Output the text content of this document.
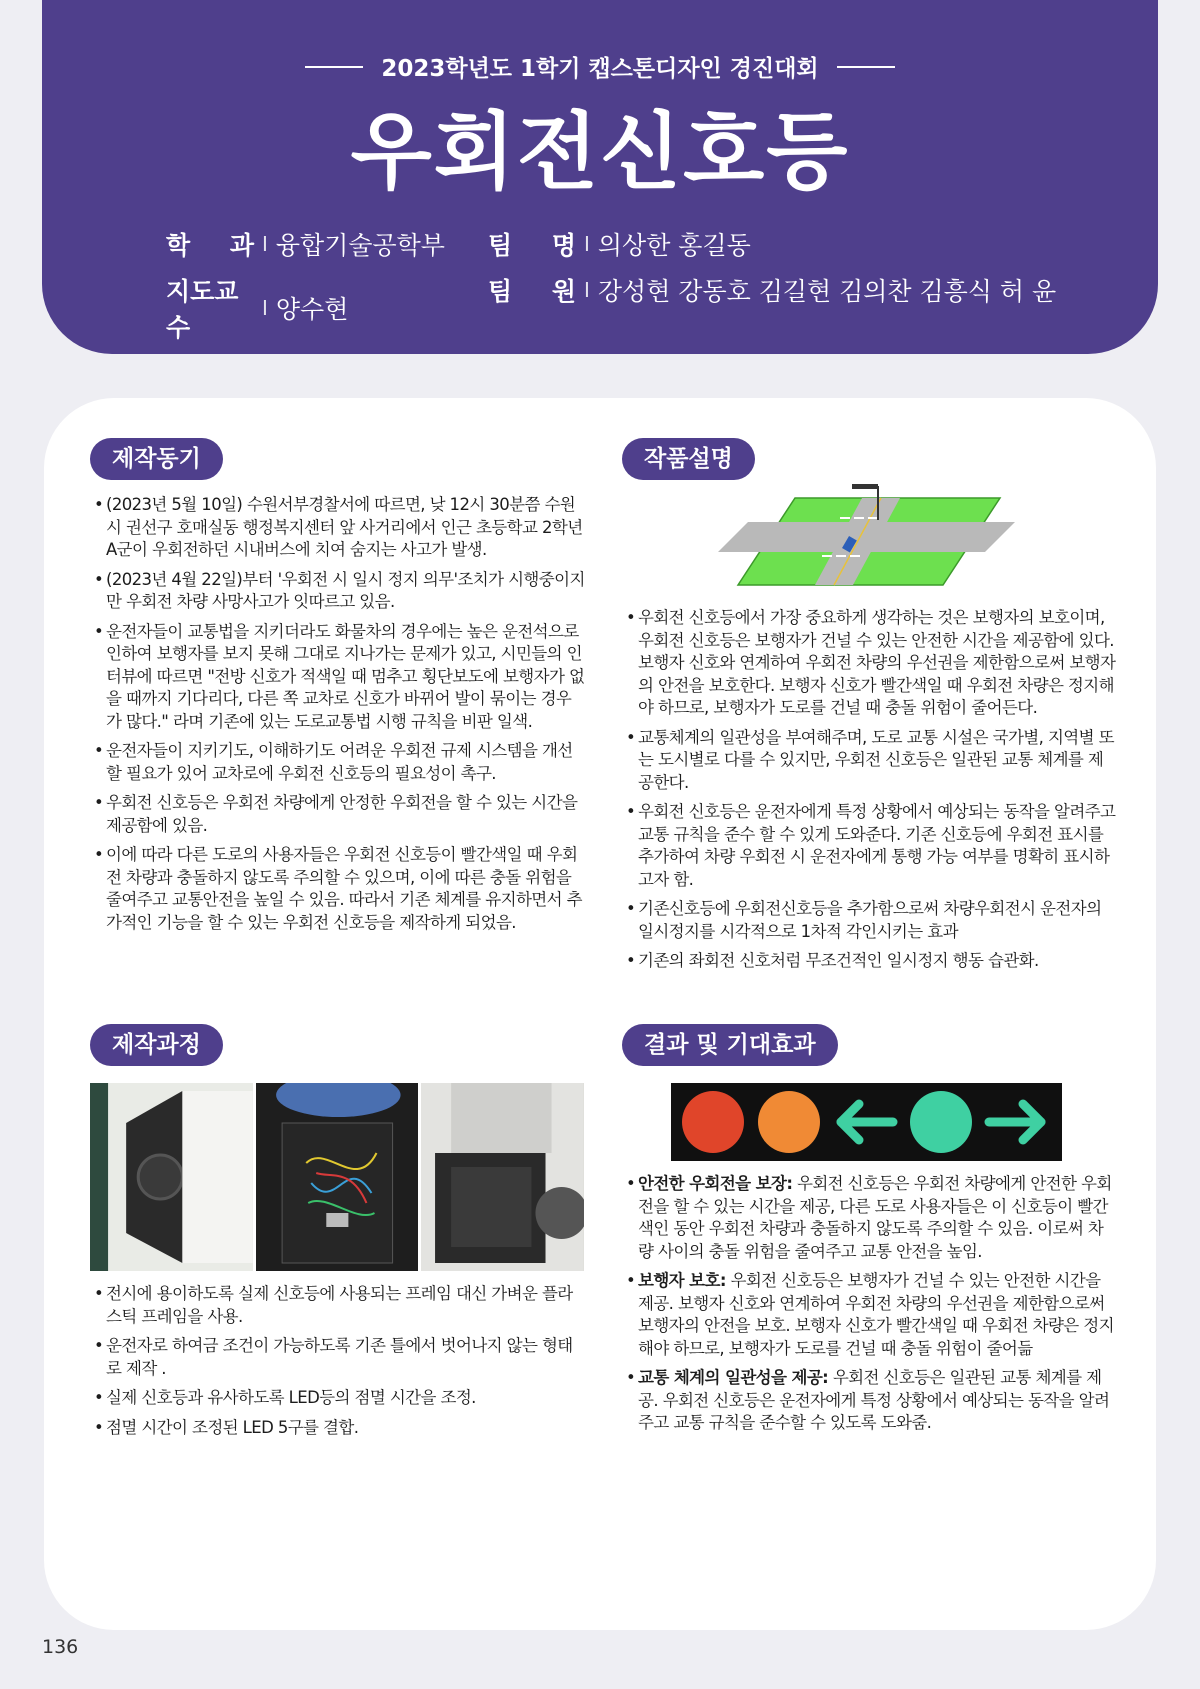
2023학년도 1학기 캡스톤디자인 경진대회
우회전신호등
학 과 I 융합기술공학부 팀 명 I 의상한 홍길동
지도교수
I 양수현
팀 원 I 강성현 강동호 김길현 김의찬 김흥식 허 윤
제작동기
• (2023년 5월 10일) 수원서부경찰서에 따르면, 낮 12시 30분쯤 수원시 권선구 호매실동 행정복지센터 앞 사거리에서 인근 초등학교 2학년 A군이 우회전하던 시내버스에 치여 숨지는 사고가 발생.
• (2023년 4월 22일)부터 '우회전 시 일시 정지 의무'조치가 시행중이지만 우회전 차량 사망사고가 잇따르고 있음.
• 운전자들이 교통법을 지키더라도 화물차의 경우에는 높은 운전석으로 인하여 보행자를 보지 못해 그대로 지나가는 문제가 있고, 시민들의 인터뷰에 따르면 "전방 신호가 적색일 때 멈추고 횡단보도에 보행자가 없을 때까지 기다리다, 다른 쪽 교차로 신호가 바뀌어 발이 묶이는 경우가 많다." 라며 기존에 있는 도로교통법 시행 규칙을 비판 일색.
• 운전자들이 지키기도, 이해하기도 어려운 우회전 규제 시스템을 개선할 필요가 있어 교차로에 우회전 신호등의 필요성이 촉구.
• 우회전 신호등은 우회전 차량에게 안정한 우회전을 할 수 있는 시간을 제공함에 있음.
• 이에 따라 다른 도로의 사용자들은 우회전 신호등이 빨간색일 때 우회전 차량과 충돌하지 않도록 주의할 수 있으며, 이에 따른 충돌 위험을 줄여주고 교통안전을 높일 수 있음. 따라서 기존 체계를 유지하면서 추가적인 기능을 할 수 있는 우회전 신호등을 제작하게 되었음.
작품설명
• 우회전 신호등에서 가장 중요하게 생각하는 것은 보행자의 보호이며, 우회전 신호등은 보행자가 건널 수 있는 안전한 시간을 제공함에 있다. 보행자 신호와 연계하여 우회전 차량의 우선권을 제한함으로써 보행자의 안전을 보호한다. 보행자 신호가 빨간색일 때 우회전 차량은 정지해야 하므로, 보행자가 도로를 건널 때 충돌 위험이 줄어든다.
• 교통체계의 일관성을 부여해주며, 도로 교통 시설은 국가별, 지역별 또는 도시별로 다를 수 있지만, 우회전 신호등은 일관된 교통 체계를 제공한다.
• 우회전 신호등은 운전자에게 특정 상황에서 예상되는 동작을 알려주고 교통 규칙을 준수 할 수 있게 도와준다. 기존 신호등에 우회전 표시를 추가하여 차량 우회전 시 운전자에게 통행 가능 여부를 명확히 표시하고자 함.
• 기존신호등에 우회전신호등을 추가함으로써 차량우회전시 운전자의 일시정지를 시각적으로 1차적 각인시키는 효과
• 기존의 좌회전 신호처럼 무조건적인 일시정지 행동 습관화.
제작과정
• 전시에 용이하도록 실제 신호등에 사용되는 프레임 대신 가벼운 플라스틱 프레임을 사용.
• 운전자로 하여금 조건이 가능하도록 기존 틀에서 벗어나지 않는 형태로 제작 .
• 실제 신호등과 유사하도록 LED등의 점멸 시간을 조정.
• 점멸 시간이 조정된 LED 5구를 결합.
결과 및 기대효과
• 안전한 우회전을 보장: 우회전 신호등은 우회전 차량에게 안전한 우회전을 할 수 있는 시간을 제공, 다른 도로 사용자들은 이 신호등이 빨간색인 동안 우회전 차량과 충돌하지 않도록 주의할 수 있음. 이로써 차량 사이의 충돌 위험을 줄여주고 교통 안전을 높임.
• 보행자 보호: 우회전 신호등은 보행자가 건널 수 있는 안전한 시간을 제공. 보행자 신호와 연계하여 우회전 차량의 우선권을 제한함으로써 보행자의 안전을 보호. 보행자 신호가 빨간색일 때 우회전 차량은 정지해야 하므로, 보행자가 도로를 건널 때 충돌 위험이 줄어듦
• 교통 체계의 일관성을 제공: 우회전 신호등은 일관된 교통 체계를 제공. 우회전 신호등은 운전자에게 특정 상황에서 예상되는 동작을 알려주고 교통 규칙을 준수할 수 있도록 도와줌.
136
